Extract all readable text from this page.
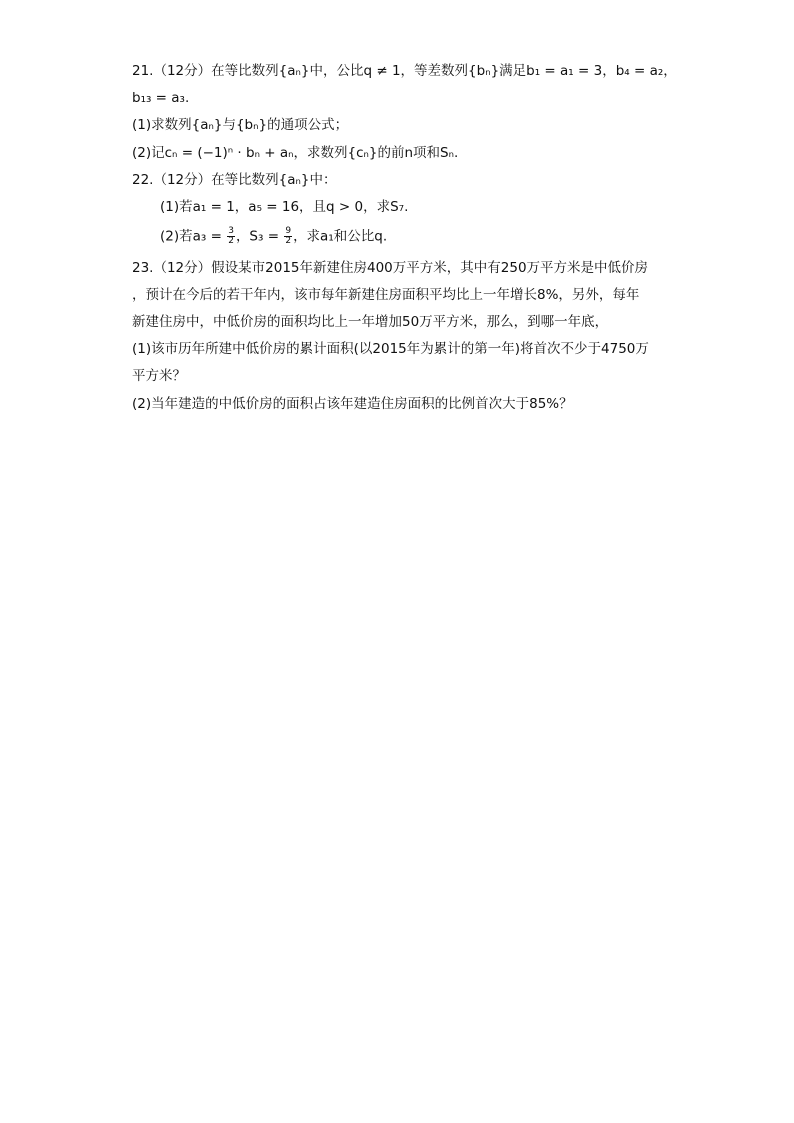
21.（12分）在等比数列{aₙ}中，公比q ≠ 1，等差数列{bₙ}满足b₁ = a₁ = 3，b₄ = a₂，
b₁₃ = a₃.
(1)求数列{aₙ}与{bₙ}的通项公式；
(2)记cₙ = (−1)ⁿ · bₙ + aₙ，求数列{cₙ}的前n项和Sₙ.
22.（12分）在等比数列{aₙ}中：
(1)若a₁ = 1，a₅ = 16，且q > 0，求S₇.
(2)若$a_3 = \frac{3}{2}$ ，$S_3 = \frac{9}{2}$ ，求a₁和公比q.
23.（12分）假设某市2015年新建住房400万平方米，其中有250万平方米是中低价房
，预计在今后的若干年内，该市每年新建住房面积平均比上一年增长8%，另外，每年
新建住房中，中低价房的面积均比上一年增加50万平方米，那么，到哪一年底，
(1)该市历年所建中低价房的累计面积(以2015年为累计的第一年)将首次不少于4750万
平方米？
(2)当年建造的中低价房的面积占该年建造住房面积的比例首次大于85%？
